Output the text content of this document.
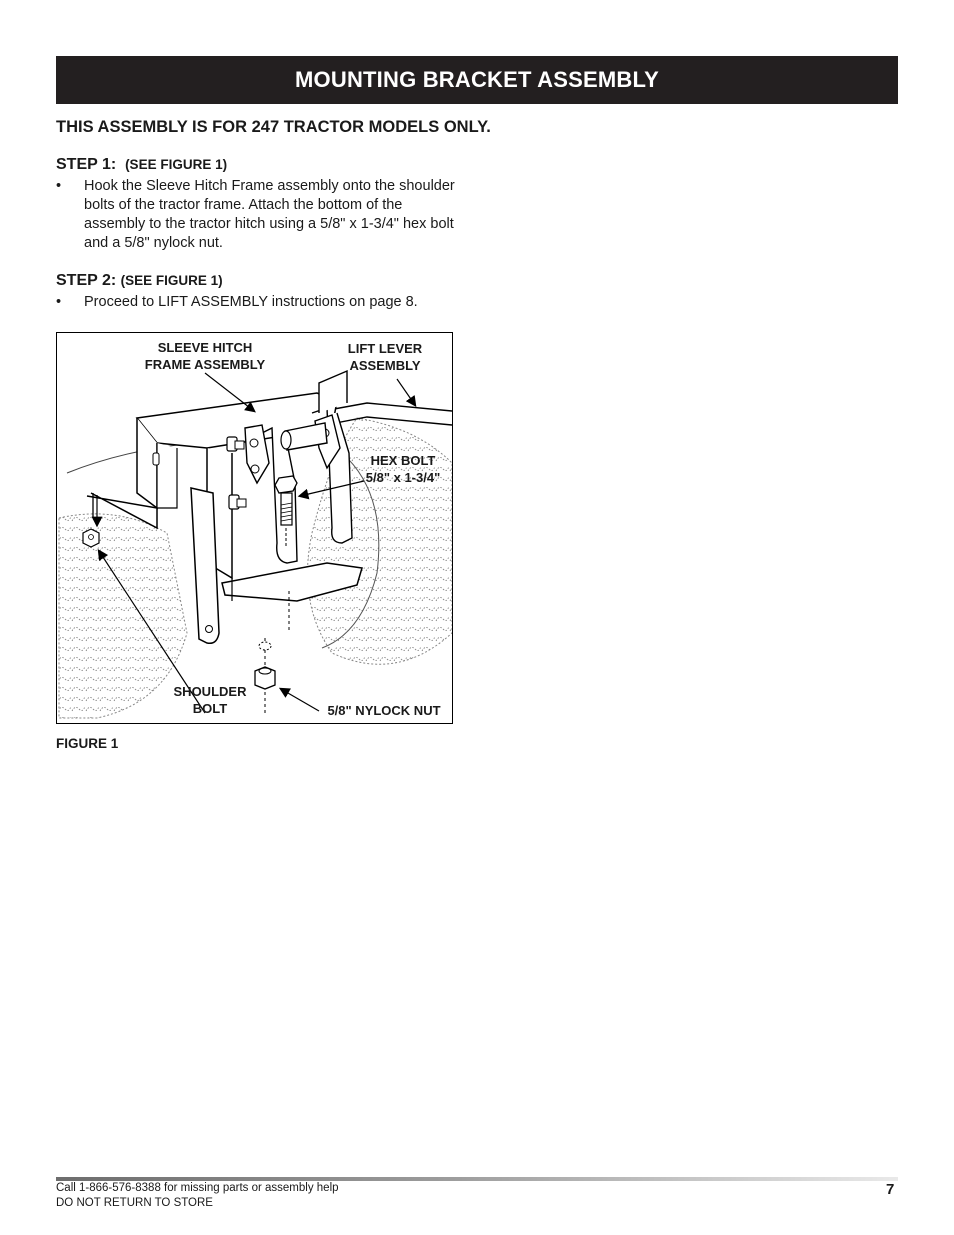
MOUNTING BRACKET ASSEMBLY
THIS ASSEMBLY IS FOR 247 TRACTOR MODELS ONLY.
STEP 1: (SEE FIGURE 1)
• Hook the Sleeve Hitch Frame assembly onto the shoulder bolts of the tractor frame. Attach the bottom of the assembly to the tractor hitch using a 5/8" x 1-3/4" hex bolt and a 5/8" nylock nut.
STEP 2: (SEE FIGURE 1)
• Proceed to LIFT ASSEMBLY instructions on page 8.
SLEEVE HITCH
FRAME ASSEMBLY
LIFT LEVER
ASSEMBLY
HEX BOLT
5/8" x 1-3/4"
SHOULDER
BOLT	5/8" NYLOCK NUT
FIGURE 1
Call 1-866-576-8388 for missing parts or assembly help
DO NOT RETURN TO STORE
7
